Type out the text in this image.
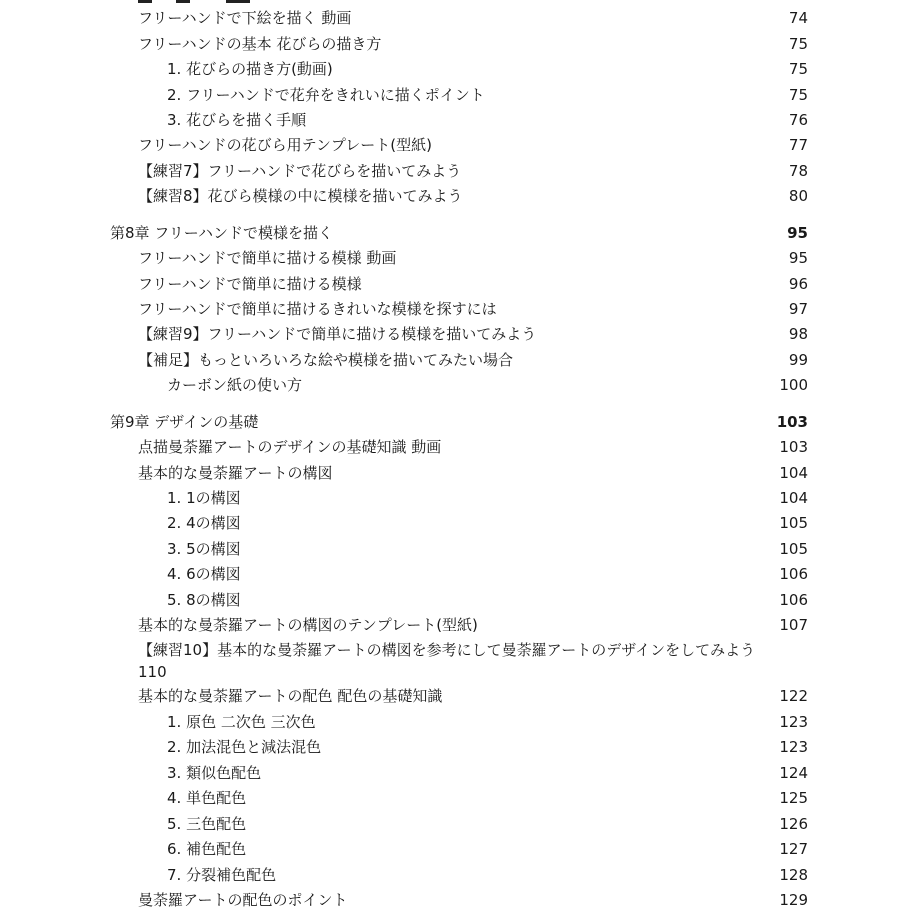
フリーハンドで下絵を描く 動画	74
フリーハンドの基本 花びらの描き方	75
1. 花びらの描き方(動画)	75
2. フリーハンドで花弁をきれいに描くポイント	75
3. 花びらを描く手順	76
フリーハンドの花びら用テンプレート(型紙)	77
【練習7】フリーハンドで花びらを描いてみよう	78
【練習8】花びら模様の中に模様を描いてみよう	80
第8章 フリーハンドで模様を描く	95
フリーハンドで簡単に描ける模様 動画	95
フリーハンドで簡単に描ける模様	96
フリーハンドで簡単に描けるきれいな模様を探すには	97
【練習9】フリーハンドで簡単に描ける模様を描いてみよう	98
【補足】もっといろいろな絵や模様を描いてみたい場合	99
カーボン紙の使い方	100
第9章 デザインの基礎	103
点描曼荼羅アートのデザインの基礎知識 動画	103
基本的な曼荼羅アートの構図	104
1. 1の構図	104
2. 4の構図	105
3. 5の構図	105
4. 6の構図	106
5. 8の構図	106
基本的な曼荼羅アートの構図のテンプレート(型紙)	107
【練習10】基本的な曼荼羅アートの構図を参考にして曼荼羅アートのデザインをしてみよう
110
基本的な曼荼羅アートの配色 配色の基礎知識	122
1. 原色 二次色 三次色	123
2. 加法混色と減法混色	123
3. 類似色配色	124
4. 単色配色	125
5. 三色配色	126
6. 補色配色	127
7. 分裂補色配色	128
曼荼羅アートの配色のポイント	129
